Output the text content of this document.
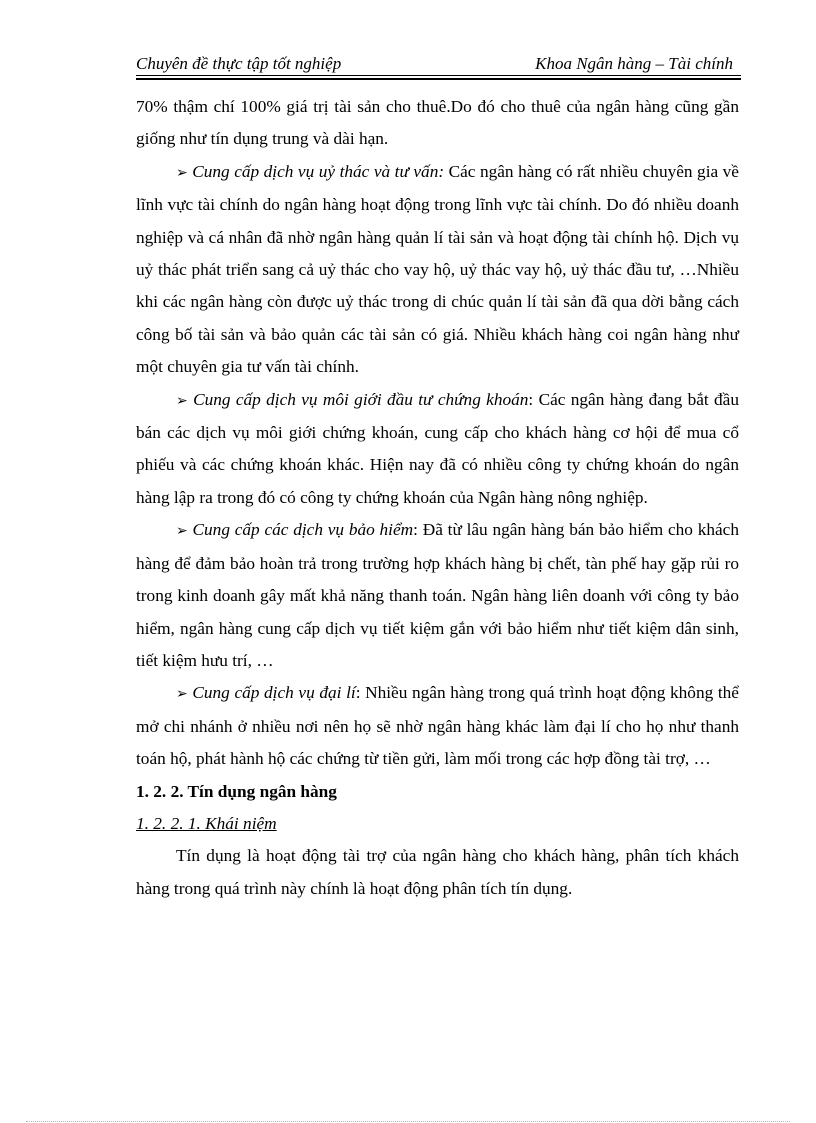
Chuyên đề thực tập tốt nghiệp	Khoa Ngân hàng – Tài chính

70% thậm chí 100% giá trị tài sản cho thuê.Do đó cho thuê của ngân hàng cũng gần giống như tín dụng trung và dài hạn.

➢ Cung cấp dịch vụ uỷ thác và tư vấn: Các ngân hàng có rất nhiều chuyên gia về lĩnh vực tài chính do ngân hàng hoạt động trong lĩnh vực tài chính. Do đó nhiều doanh nghiệp và cá nhân đã nhờ ngân hàng quản lí tài sản và hoạt động tài chính hộ. Dịch vụ uỷ thác phát triển sang cả uỷ thác cho vay hộ, uỷ thác vay hộ, uỷ thác đầu tư, …Nhiều khi các ngân hàng còn được uỷ thác trong di chúc quản lí tài sản đã qua dời bằng cách công bố tài sản và bảo quản các tài sản có giá. Nhiều khách hàng coi ngân hàng như một chuyên gia tư vấn tài chính.

➢ Cung cấp dịch vụ môi giới đầu tư chứng khoán: Các ngân hàng đang bắt đầu bán các dịch vụ môi giới chứng khoán, cung cấp cho khách hàng cơ hội để mua cổ phiếu và các chứng khoán khác. Hiện nay đã có nhiều công ty chứng khoán do ngân hàng lập ra trong đó có công ty chứng khoán của Ngân hàng nông nghiệp.

➢ Cung cấp các dịch vụ bảo hiểm: Đã từ lâu ngân hàng bán bảo hiểm cho khách hàng để đảm bảo hoàn trả trong trường hợp khách hàng bị chết, tàn phế hay gặp rủi ro trong kinh doanh gây mất khả năng thanh toán. Ngân hàng liên doanh với công ty bảo hiểm, ngân hàng cung cấp dịch vụ tiết kiệm gắn với bảo hiểm như tiết kiệm dân sinh, tiết kiệm hưu trí, …

➢ Cung cấp dịch vụ đại lí: Nhiều ngân hàng trong quá trình hoạt động không thể mở chi nhánh ở nhiều nơi nên họ sẽ nhờ ngân hàng khác làm đại lí cho họ như thanh toán hộ, phát hành hộ các chứng từ tiền gửi, làm mối trong các hợp đồng tài trợ, …

1. 2. 2. Tín dụng ngân hàng

1. 2. 2. 1. Khái niệm

Tín dụng là hoạt động tài trợ của ngân hàng cho khách hàng, phân tích khách hàng trong quá trình này chính là hoạt động phân tích tín dụng.
